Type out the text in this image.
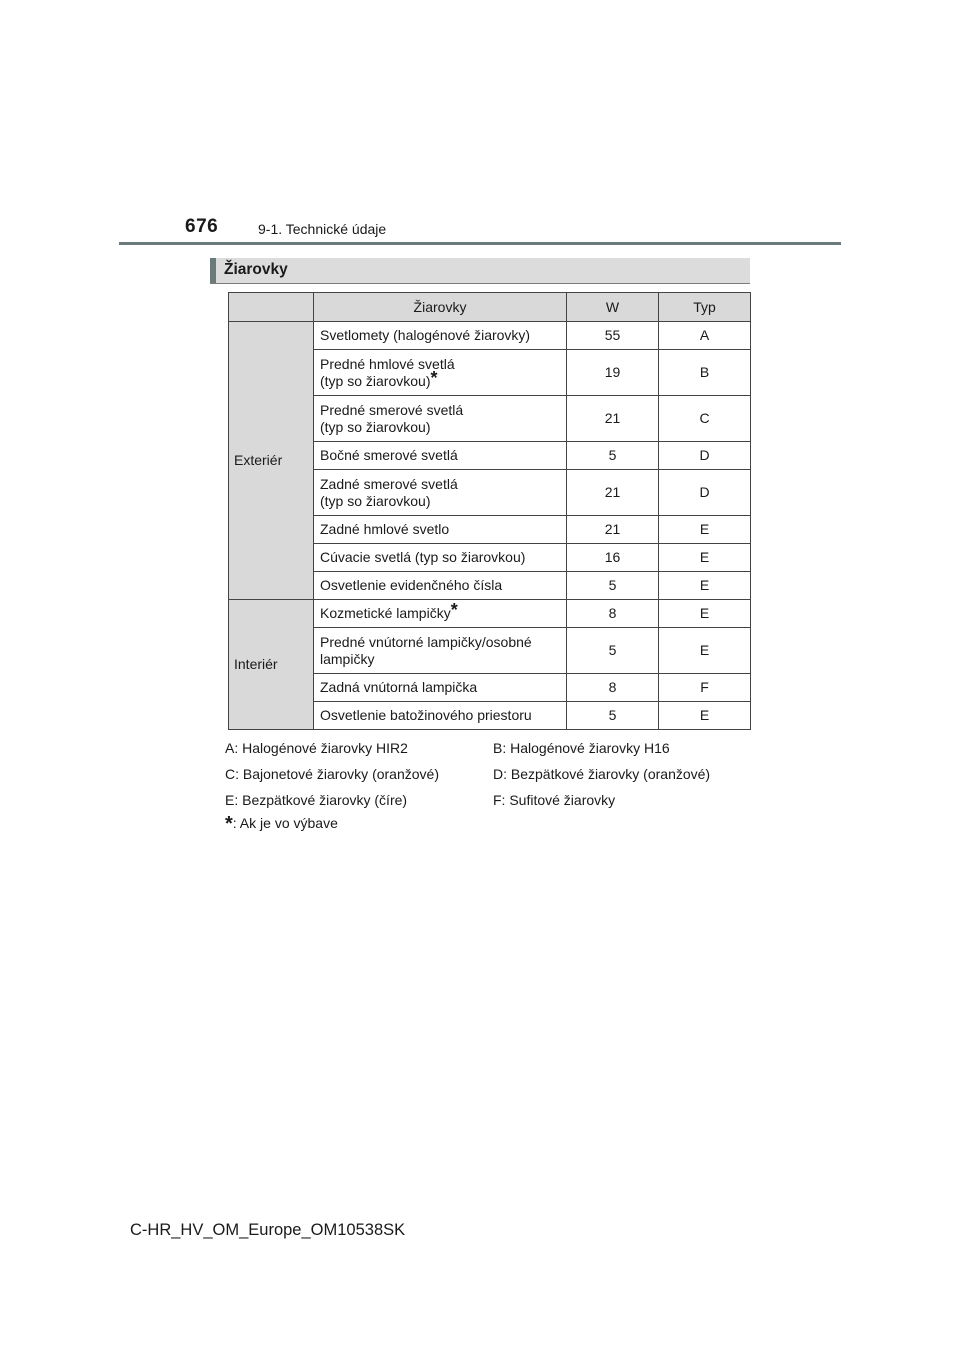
676	9-1. Technické údaje
Žiarovky
	Žiarovky	W	Typ
Exteriér	Svetlomety (halogénové žiarovky)	55	A
	Predné hmlové svetlá
(typ so žiarovkou)*	19	B
	Predné smerové svetlá
(typ so žiarovkou)	21	C
	Bočné smerové svetlá	5	D
	Zadné smerové svetlá
(typ so žiarovkou)	21	D
	Zadné hmlové svetlo	21	E
	Cúvacie svetlá (typ so žiarovkou)	16	E
	Osvetlenie evidenčného čísla	5	E
Interiér	Kozmetické lampičky*	8	E
	Predné vnútorné lampičky/osobné
lampičky	5	E
	Zadná vnútorná lampička	8	F
	Osvetlenie batožinového priestoru	5	E
A: Halogénové žiarovky HIR2	B: Halogénové žiarovky H16
C: Bajonetové žiarovky (oranžové)	D: Bezpätkové žiarovky (oranžové)
E: Bezpätkové žiarovky (číre)	F: Sufitové žiarovky
*: Ak je vo výbave
C-HR_HV_OM_Europe_OM10538SK
